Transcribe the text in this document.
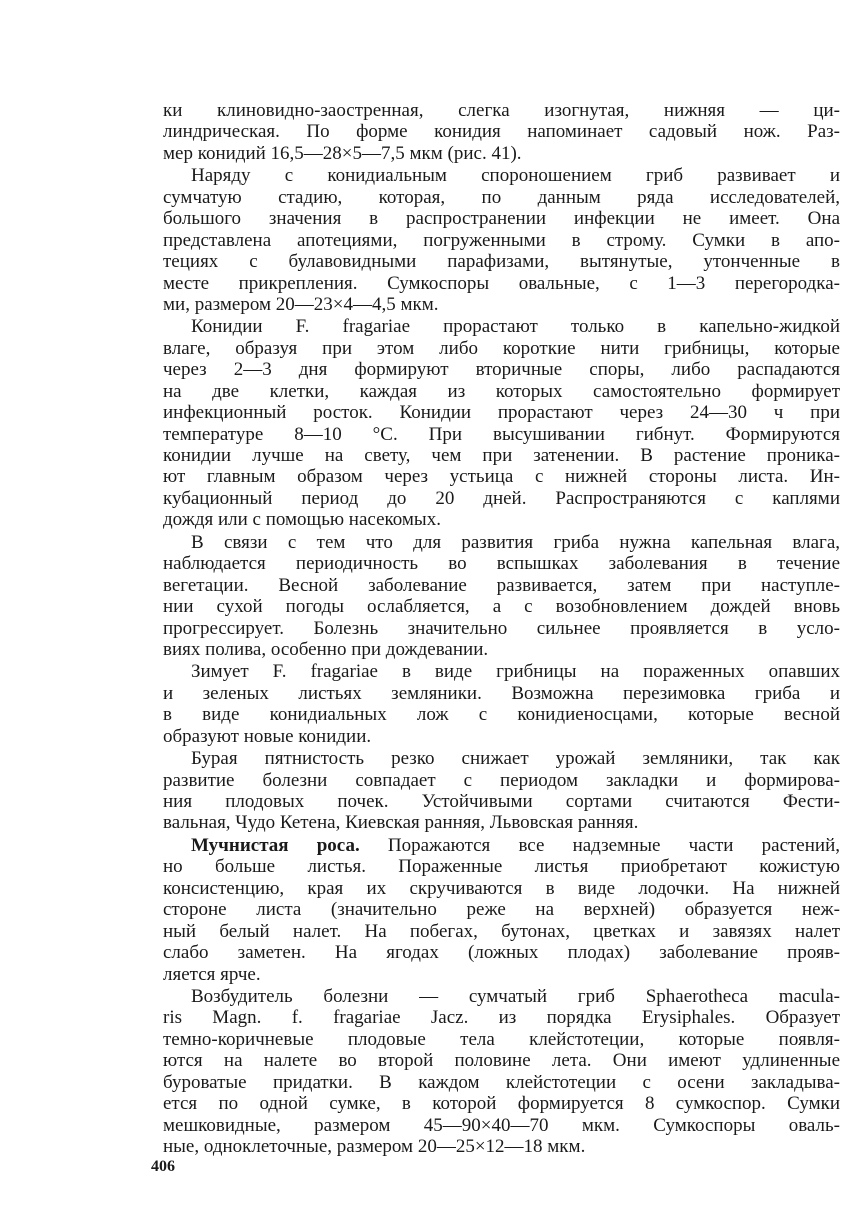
ки клиновидно-заостренная, слегка изогнутая, нижняя — ци-
линдрическая. По форме конидия напоминает садовый нож. Раз-
мер конидий 16,5—28×5—7,5 мкм (рис. 41).
Наряду с конидиальным спороношением гриб развивает и
сумчатую стадию, которая, по данным ряда исследователей,
большого значения в распространении инфекции не имеет. Она
представлена апотециями, погруженными в строму. Сумки в апо-
тециях с булавовидными парафизами, вытянутые, утонченные в
месте прикрепления. Сумкоспоры овальные, с 1—3 перегородка-
ми, размером 20—23×4—4,5 мкм.
Конидии F. fragariae прорастают только в капельно-жидкой
влаге, образуя при этом либо короткие нити грибницы, которые
через 2—3 дня формируют вторичные споры, либо распадаются
на две клетки, каждая из которых самостоятельно формирует
инфекционный росток. Конидии прорастают через 24—30 ч при
температуре 8—10 °С. При высушивании гибнут. Формируются
конидии лучше на свету, чем при затенении. В растение проника-
ют главным образом через устьица с нижней стороны листа. Ин-
кубационный период до 20 дней. Распространяются с каплями
дождя или с помощью насекомых.
В связи с тем что для развития гриба нужна капельная влага,
наблюдается периодичность во вспышках заболевания в течение
вегетации. Весной заболевание развивается, затем при наступле-
нии сухой погоды ослабляется, а с возобновлением дождей вновь
прогрессирует. Болезнь значительно сильнее проявляется в усло-
виях полива, особенно при дождевании.
Зимует F. fragariae в виде грибницы на пораженных опавших
и зеленых листьях земляники. Возможна перезимовка гриба и
в виде конидиальных лож с конидиеносцами, которые весной
образуют новые конидии.
Бурая пятнистость резко снижает урожай земляники, так как
развитие болезни совпадает с периодом закладки и формирова-
ния плодовых почек. Устойчивыми сортами считаются Фести-
вальная, Чудо Кетена, Киевская ранняя, Львовская ранняя.
Мучнистая роса. Поражаются все надземные части растений,
но больше листья. Пораженные листья приобретают кожистую
консистенцию, края их скручиваются в виде лодочки. На нижней
стороне листа (значительно реже на верхней) образуется неж-
ный белый налет. На побегах, бутонах, цветках и завязях налет
слабо заметен. На ягодах (ложных плодах) заболевание прояв-
ляется ярче.
Возбудитель болезни — сумчатый гриб Sphaerotheca macula-
ris Magn. f. fragariae Jacz. из порядка Erysiphales. Образует
темно-коричневые плодовые тела клейстотеции, которые появля-
ются на налете во второй половине лета. Они имеют удлиненные
буроватые придатки. В каждом клейстотеции с осени закладыва-
ется по одной сумке, в которой формируется 8 сумкоспор. Сумки
мешковидные, размером 45—90×40—70 мкм. Сумкоспоры оваль-
ные, одноклеточные, размером 20—25×12—18 мкм.
406
